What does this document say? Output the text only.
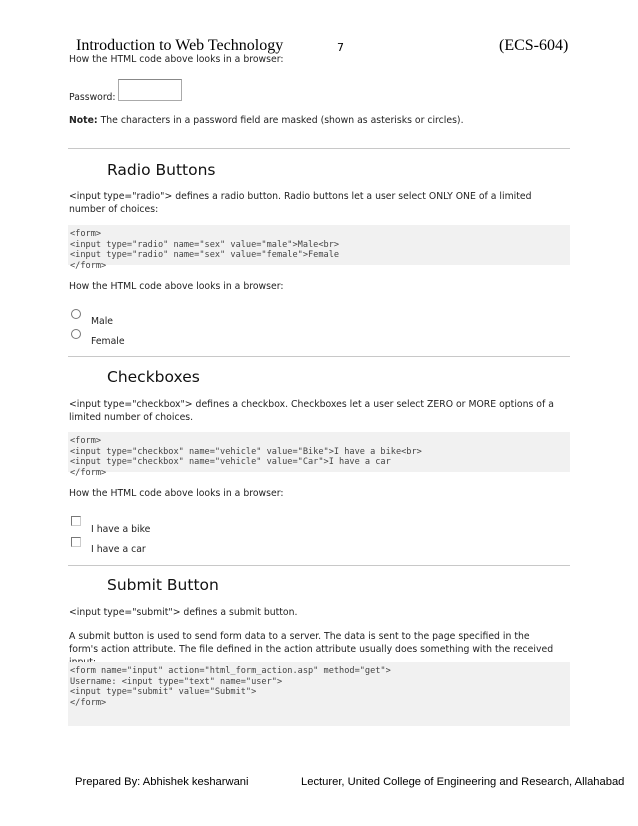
Introduction to Web Technology	7	(ECS-604)
How the HTML code above looks in a browser:
Password:
Note: The characters in a password field are masked (shown as asterisks or circles).
Radio Buttons
<input type="radio"> defines a radio button. Radio buttons let a user select ONLY ONE of a limited number of choices:
<form>
<input type="radio" name="sex" value="male">Male<br>
<input type="radio" name="sex" value="female">Female
</form>
How the HTML code above looks in a browser:
Male
Female
Checkboxes
<input type="checkbox"> defines a checkbox. Checkboxes let a user select ZERO or MORE options of a limited number of choices.
<form>
<input type="checkbox" name="vehicle" value="Bike">I have a bike<br>
<input type="checkbox" name="vehicle" value="Car">I have a car
</form>
How the HTML code above looks in a browser:
I have a bike
I have a car
Submit Button
<input type="submit"> defines a submit button.
A submit button is used to send form data to a server. The data is sent to the page specified in the form's action attribute. The file defined in the action attribute usually does something with the received
<form name="input" action="html_form_action.asp" method="get">
Username: <input type="text" name="user">
<input type="submit" value="Submit">
</form>
Prepared By: Abhishek kesharwani	Lecturer, United College of Engineering and Research, Allahabad
